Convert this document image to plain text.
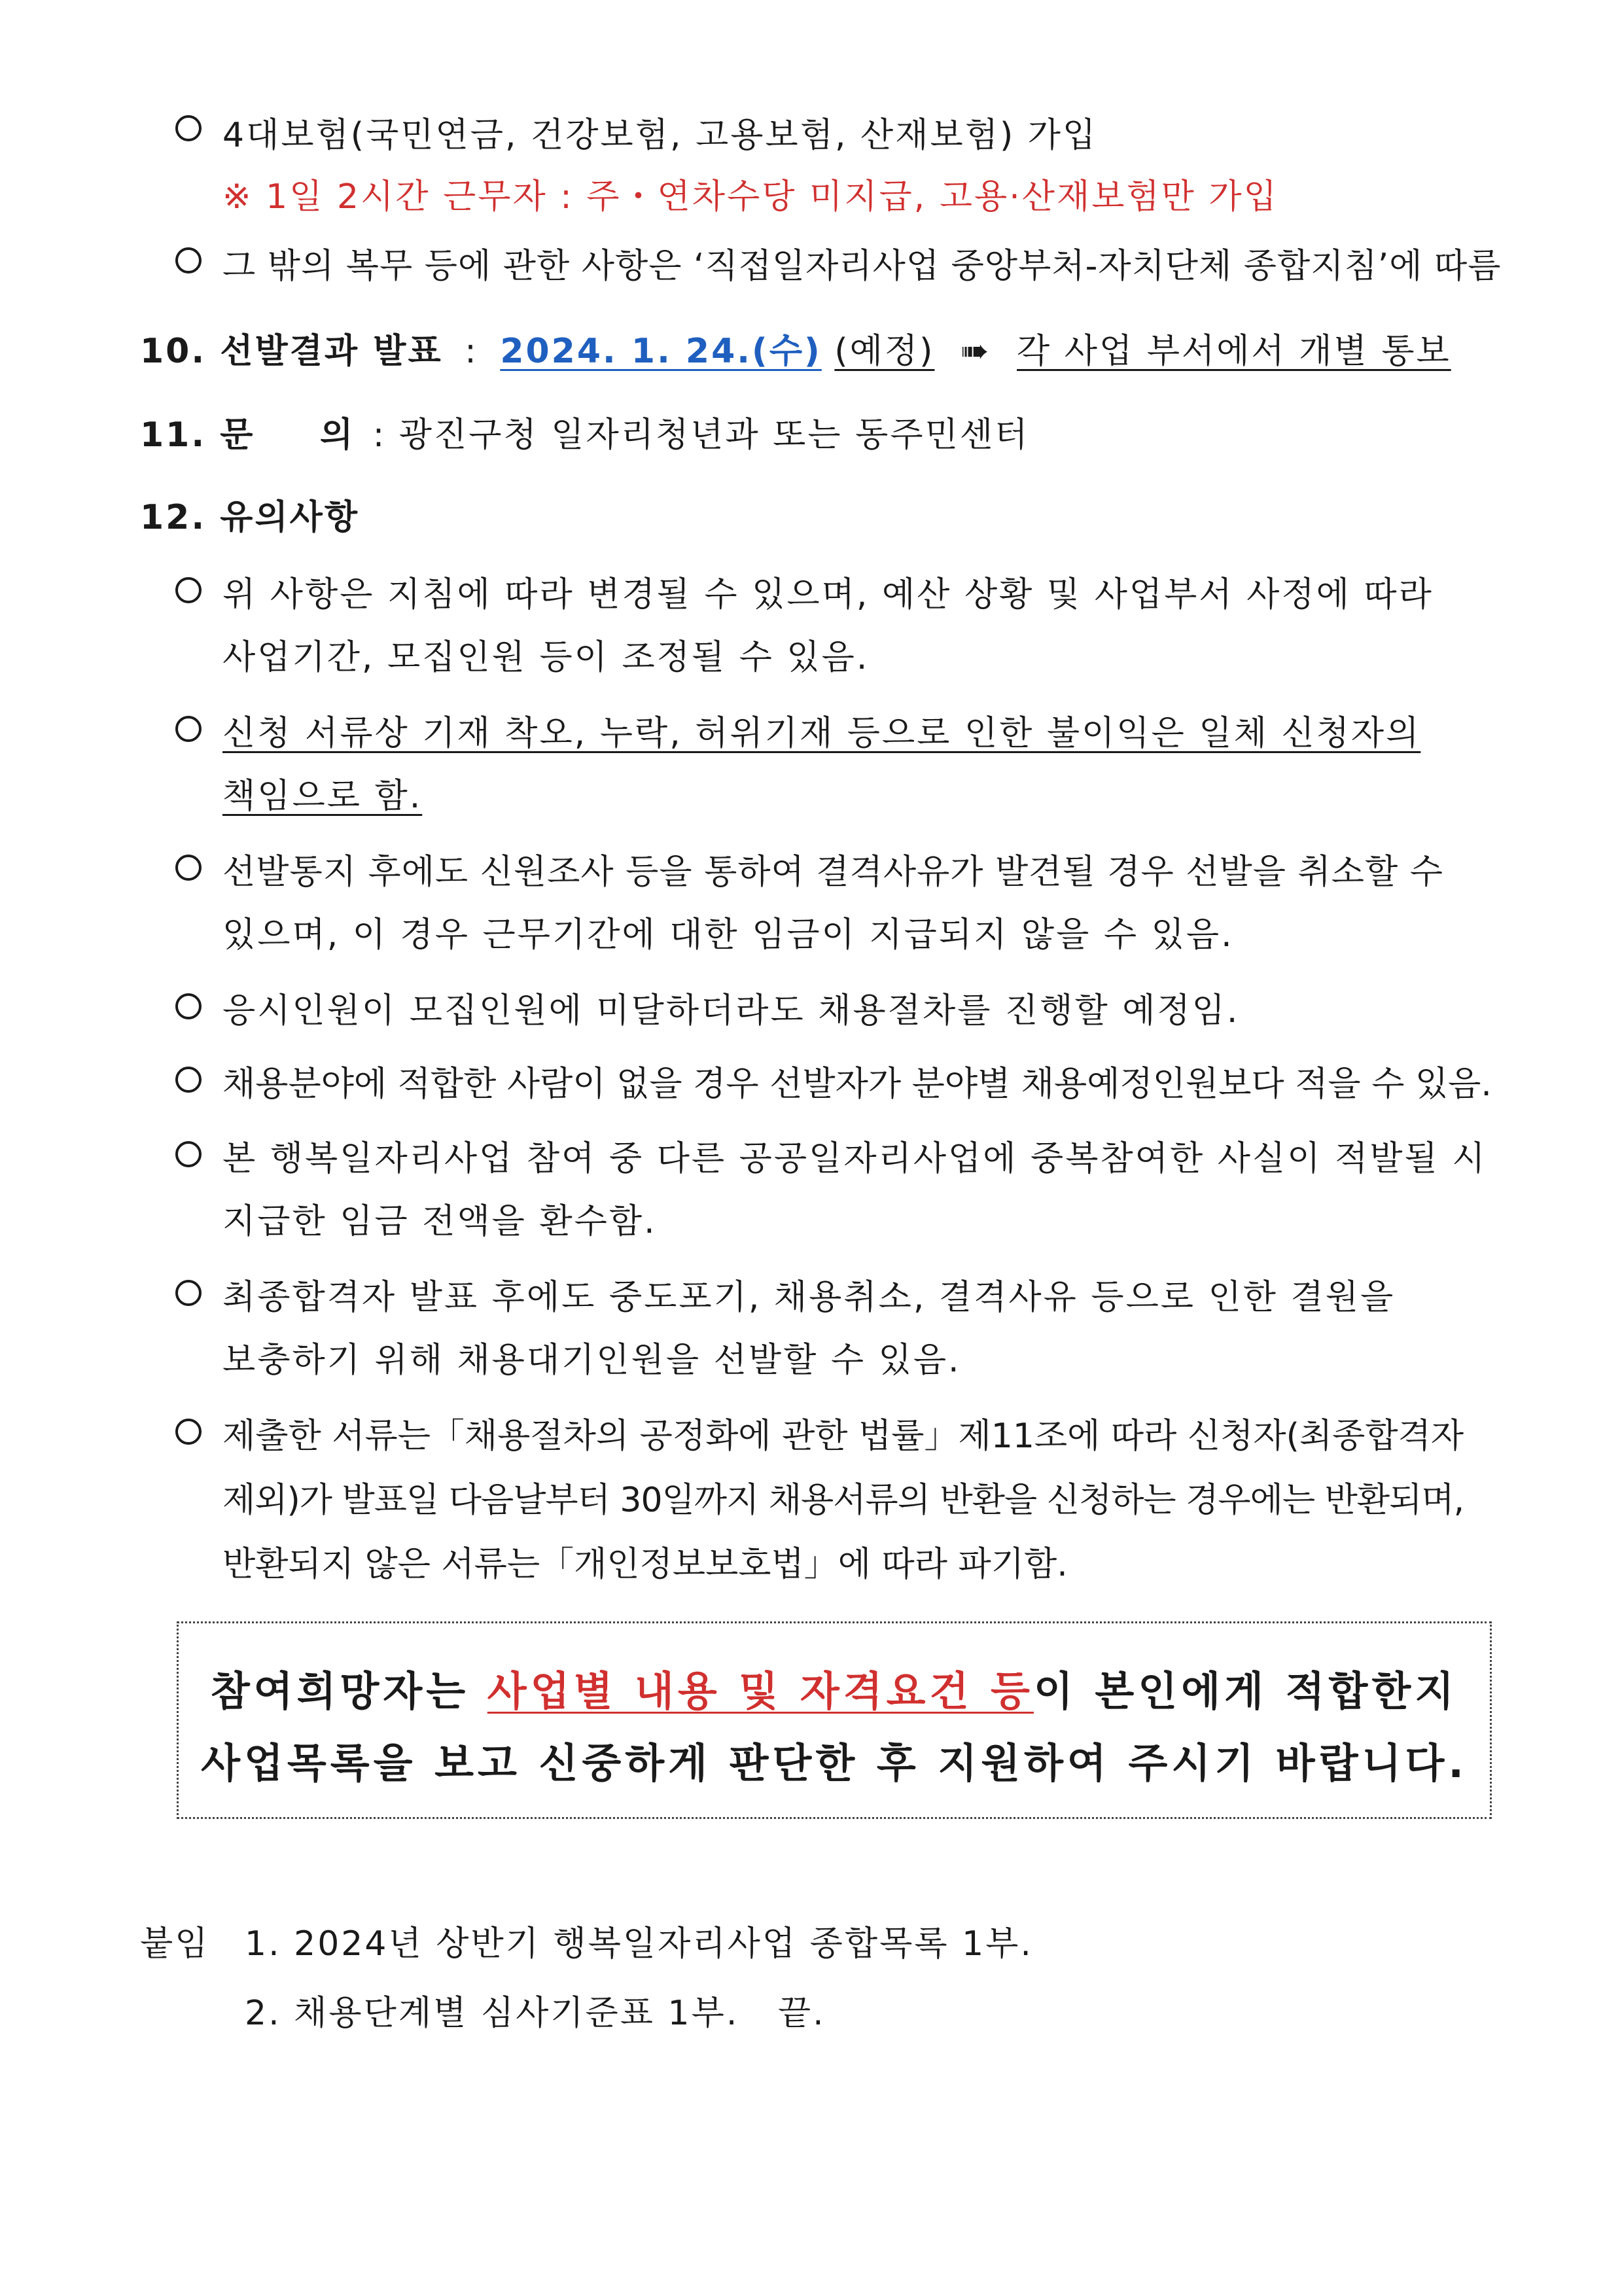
4대보험(국민연금, 건강보험, 고용보험, 산재보험) 가입
※ 1일 2시간 근무자 : 주・연차수당 미지급, 고용·산재보험만 가입
그 밖의 복무 등에 관한 사항은 ‘직접일자리사업 중앙부처-자치단체 종합지침’에 따름
10. 선발결과 발표 : 2024. 1. 24.(수) (예정) ➠ 각 사업 부서에서 개별 통보
11. 문 의 : 광진구청 일자리청년과 또는 동주민센터
12. 유의사항
위 사항은 지침에 따라 변경될 수 있으며, 예산 상황 및 사업부서 사정에 따라
사업기간, 모집인원 등이 조정될 수 있음.
신청 서류상 기재 착오, 누락, 허위기재 등으로 인한 불이익은 일체 신청자의
책임으로 함.
선발통지 후에도 신원조사 등을 통하여 결격사유가 발견될 경우 선발을 취소할 수
있으며, 이 경우 근무기간에 대한 임금이 지급되지 않을 수 있음.
응시인원이 모집인원에 미달하더라도 채용절차를 진행할 예정임.
채용분야에 적합한 사람이 없을 경우 선발자가 분야별 채용예정인원보다 적을 수 있음.
본 행복일자리사업 참여 중 다른 공공일자리사업에 중복참여한 사실이 적발될 시
지급한 임금 전액을 환수함.
최종합격자 발표 후에도 중도포기, 채용취소, 결격사유 등으로 인한 결원을
보충하기 위해 채용대기인원을 선발할 수 있음.
제출한 서류는「채용절차의 공정화에 관한 법률」제11조에 따라 신청자(최종합격자
제외)가 발표일 다음날부터 30일까지 채용서류의 반환을 신청하는 경우에는 반환되며,
반환되지 않은 서류는「개인정보보호법」에 따라 파기함.
참여희망자는 사업별 내용 및 자격요건 등이 본인에게 적합한지
사업목록을 보고 신중하게 판단한 후 지원하여 주시기 바랍니다.
붙임 1. 2024년 상반기 행복일자리사업 종합목록 1부.
2. 채용단계별 심사기준표 1부. 끝.
